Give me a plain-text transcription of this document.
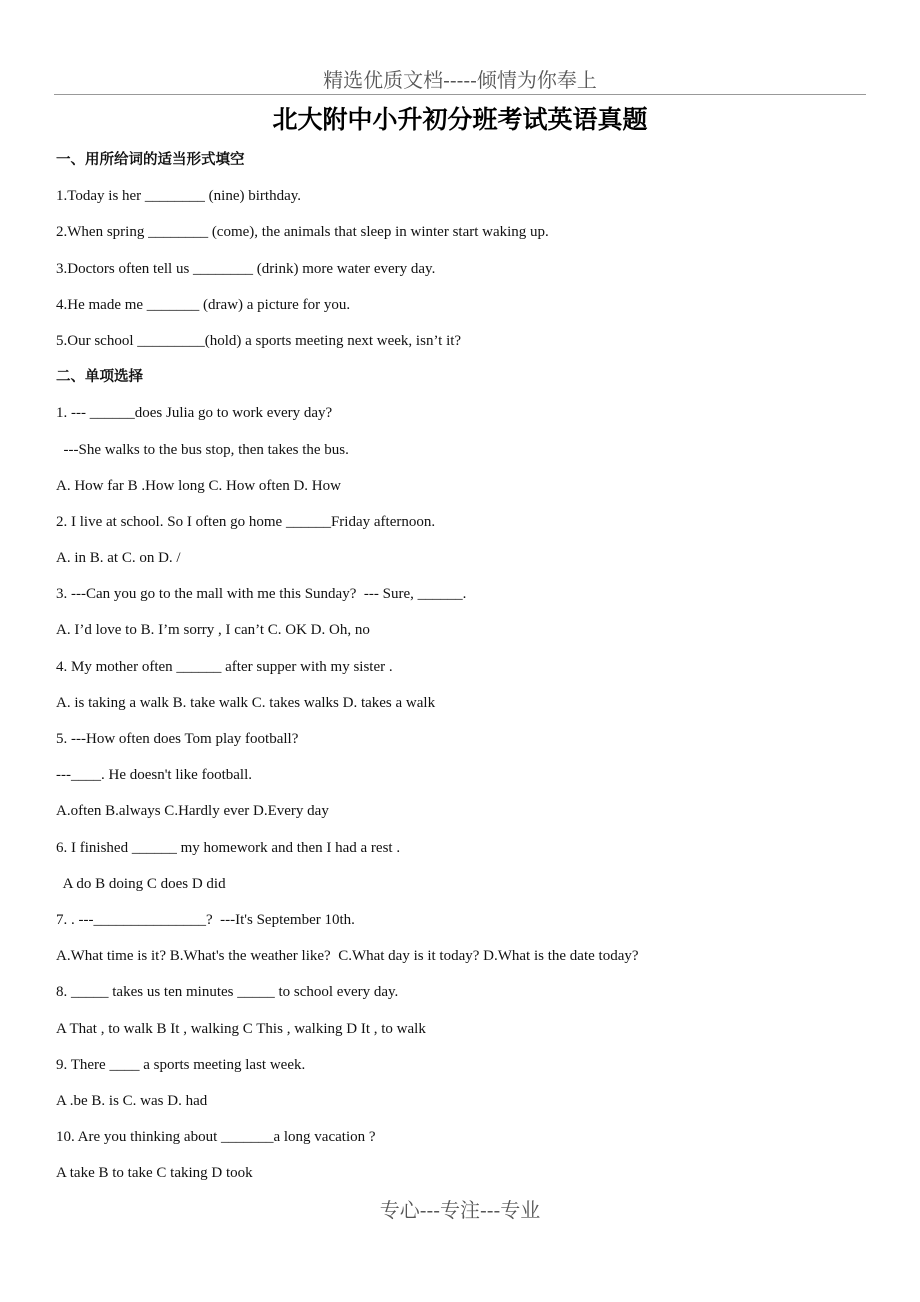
精选优质文档-----倾情为你奉上
北大附中小升初分班考试英语真题
一、用所给词的适当形式填空
1.Today is her ________ (nine) birthday.
2.When spring ________ (come), the animals that sleep in winter start waking up.
3.Doctors often tell us ________ (drink) more water every day.
4.He made me _______ (draw) a picture for you.
5.Our school _________(hold) a sports meeting next week, isn’t it?
二、单项选择
1. --- ______does Julia go to work every day?
---She walks to the bus stop, then takes the bus.
A. How far B .How long C. How often D. How
2. I live at school. So I often go home ______Friday afternoon.
A. in B. at C. on D. /
3. ---Can you go to the mall with me this Sunday?  --- Sure, ______.
A. I’d love to B. I’m sorry , I can’t C. OK D. Oh, no
4. My mother often ______ after supper with my sister .
A. is taking a walk B. take walk C. takes walks D. takes a walk
5. ---How often does Tom play football?
---____. He doesn't like football.
A.often B.always C.Hardly ever D.Every day
6. I finished ______ my homework and then I had a rest .
A do B doing C does D did
7. . ---_______________?  ---It's September 10th.
A.What time is it? B.What's the weather like?  C.What day is it today? D.What is the date today?
8. _____ takes us ten minutes _____ to school every day.
A That , to walk B It , walking C This , walking D It , to walk
9. There ____ a sports meeting last week.
A .be B. is C. was D. had
10. Are you thinking about _______a long vacation ?
A take B to take C taking D took
专心---专注---专业
